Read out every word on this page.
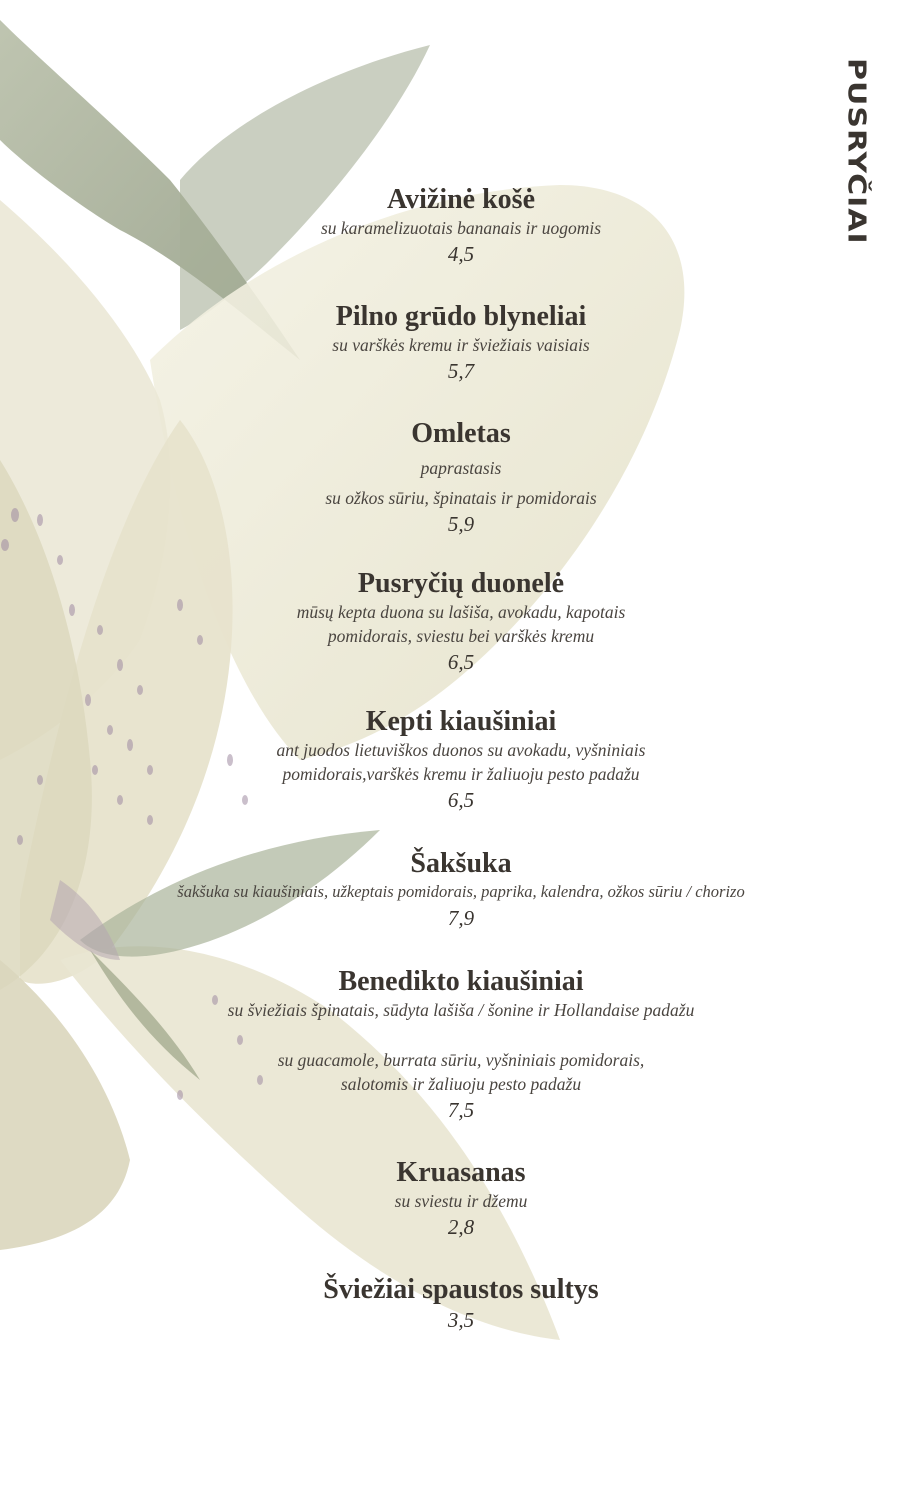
PUSRYČIAI
Avižinė košė
su karamelizuotais bananais ir uogomis
4,5
Pilno grūdo blyneliai
su varškės kremu ir šviežiais vaisiais
5,7
Omletas
paprastasis
su ožkos sūriu, špinatais ir pomidorais
5,9
Pusryčių duonelė
mūsų kepta duona su lašiša, avokadu, kapotais
pomidorais, sviestu bei varškės kremu
6,5
Kepti kiaušiniai
ant juodos lietuviškos duonos su avokadu, vyšniniais
pomidorais,varškės kremu ir žaliuoju pesto padažu
6,5
Šakšuka
šakšuka su kiaušiniais, užkeptais pomidorais, paprika, kalendra, ožkos sūriu / chorizo
7,9
Benedikto kiaušiniai
su šviežiais špinatais, sūdyta lašiša / šonine ir Hollandaise padažu
su guacamole, burrata sūriu, vyšniniais pomidorais,
salotomis ir žaliuoju pesto padažu
7,5
Kruasanas
su sviestu ir džemu
2,8
Šviežiai spaustos sultys
3,5
